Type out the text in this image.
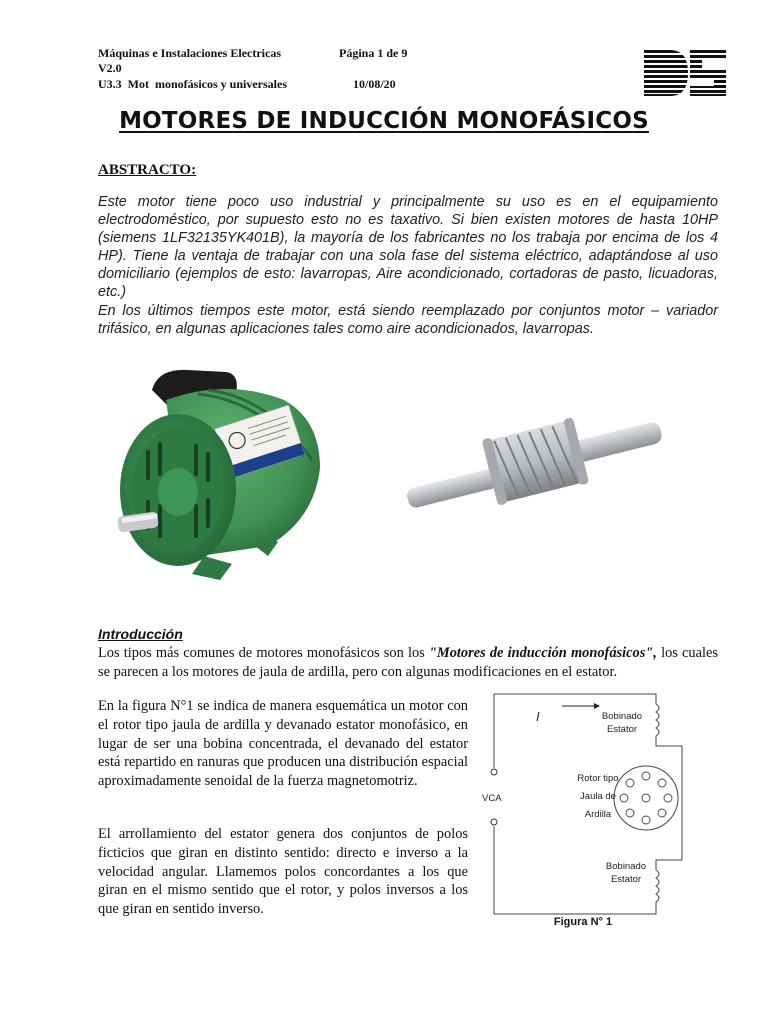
Máquinas e Instalaciones Electricas	Página 1 de 9
V2.0
U3.3  Mot  monofásicos y universales	10/08/20
MOTORES DE INDUCCIÓN MONOFÁSICOS
ABSTRACTO:
Este motor tiene poco uso industrial y principalmente su uso es en el equipamiento electrodoméstico, por supuesto esto no es taxativo. Si bien existen motores de hasta 10HP (siemens 1LF32135YK401B), la mayoría de los fabricantes no los trabaja por encima de los 4 HP). Tiene la ventaja de trabajar con una sola fase del sistema eléctrico, adaptándose al uso domiciliario (ejemplos de esto: lavarropas, Aire acondicionado, cortadoras de pasto, licuadoras, etc.)
En los últimos tiempos este motor, está siendo reemplazado por conjuntos motor – variador trifásico, en algunas aplicaciones tales como aire acondicionados, lavarropas.
Introducción
Los tipos más comunes de motores monofásicos son los "Motores de inducción monofásicos", los cuales se parecen a los motores de jaula de ardilla, pero con algunas modificaciones en el estator.
En la figura N°1 se indica de manera esquemática un motor con el rotor tipo jaula de ardilla y devanado estator monofásico, en lugar de ser una bobina concentrada, el devanado del estator está repartido en ranuras que producen una distribución espacial aproximadamente senoidal de la fuerza magnetomotriz.
El arrollamiento del estator genera dos conjuntos de polos ficticios que giran en distinto sentido: directo e inverso a la velocidad angular. Llamemos polos concordantes a los que giran en el mismo sentido que el rotor, y polos inversos a los que giran en sentido inverso.
I	Bobinado
Estator
Rotor tipo
Jaula de
Ardilla
VCA
Bobinado
Estator
Figura N° 1
